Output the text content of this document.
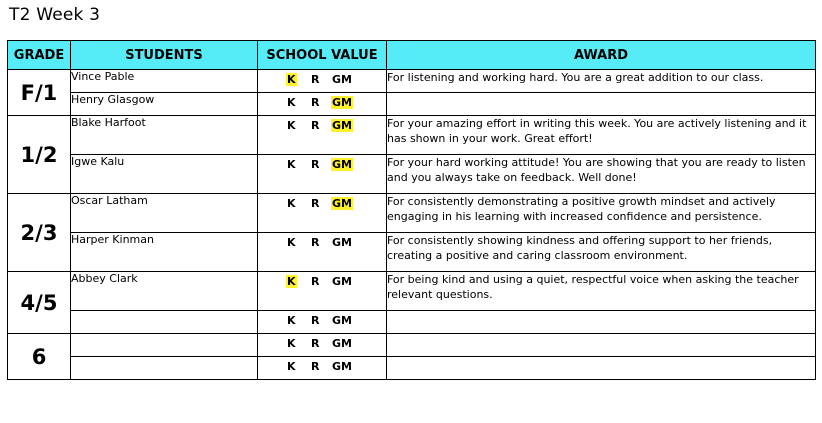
T2 Week 3
GRADE	STUDENTS	SCHOOL VALUE	AWARD
F/1	Vince Pable	K R GM	For listening and working hard. You are a great addition to our class.
	Henry Glasgow	K R GM	

1/2	Blake Harfoot	K R GM	For your amazing effort in writing this week. You are actively listening and it has shown in your work. Great effort!
	Igwe Kalu	K R GM	For your hard working attitude! You are showing that you are ready to listen and you always take on feedback. Well done!
2/3	Oscar Latham	K R GM	For consistently demonstrating a positive growth mindset and actively engaging in his learning with increased confidence and persistence.
	Harper Kinman	K R GM	For consistently showing kindness and offering support to her friends, creating a positive and caring classroom environment.
4/5	Abbey Clark	K R GM	For being kind and using a quiet, respectful voice when asking the teacher relevant questions.

		K R GM	

6		K R GM	

		K R GM	
